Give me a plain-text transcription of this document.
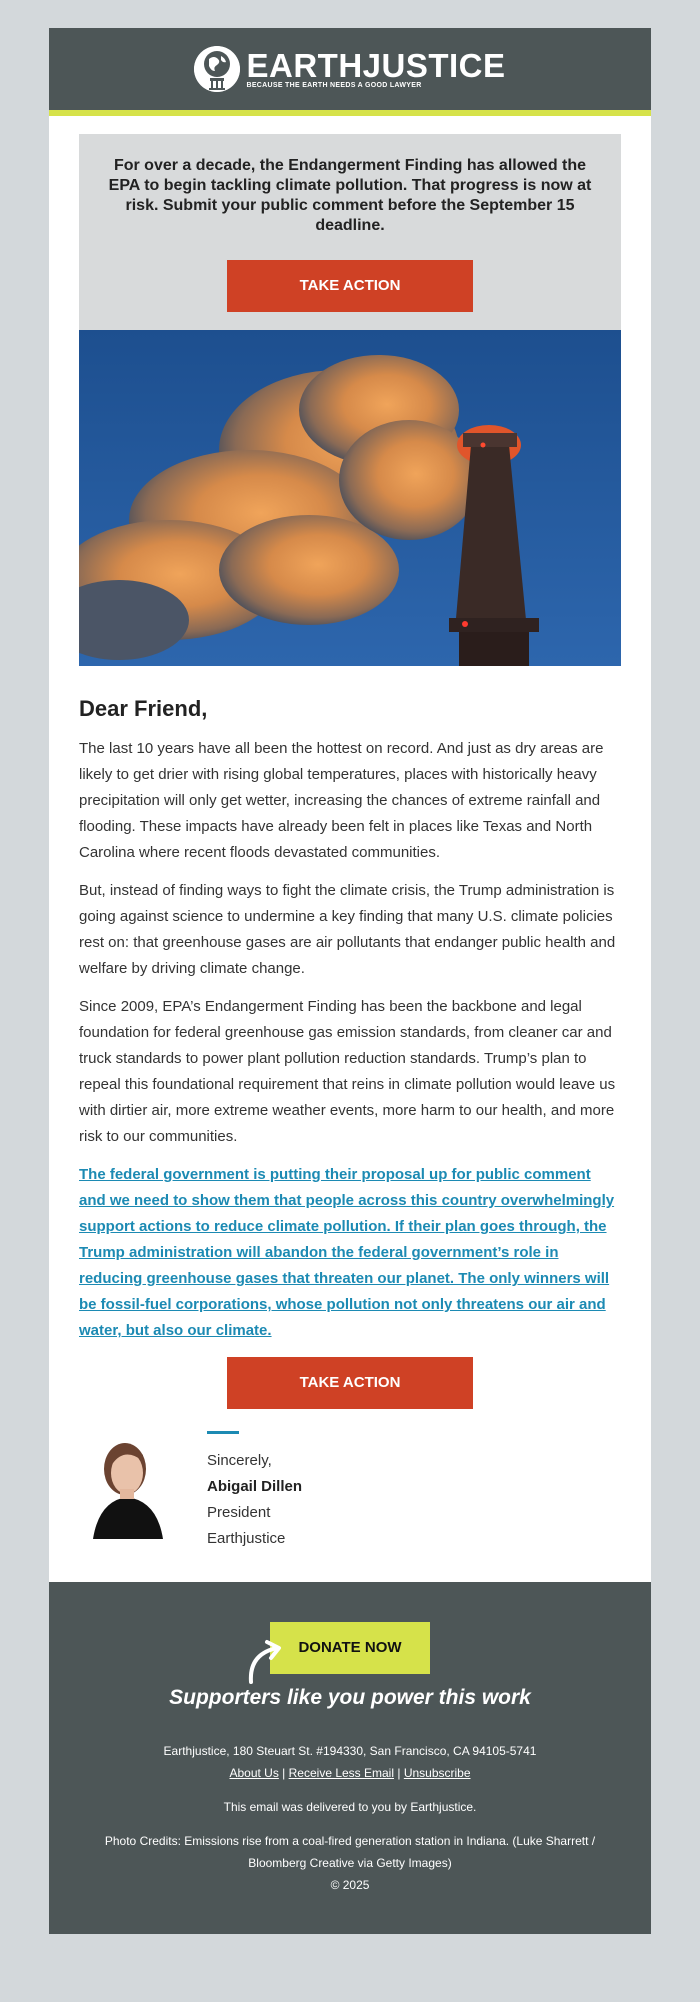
EARTHJUSTICE
BECAUSE THE EARTH NEEDS A GOOD LAWYER

For over a decade, the Endangerment Finding has allowed the EPA to begin tackling climate pollution. That progress is now at risk. Submit your public comment before the September 15 deadline.

TAKE ACTION
Dear Friend,

The last 10 years have all been the hottest on record. And just as dry areas are likely to get drier with rising global temperatures, places with historically heavy precipitation will only get wetter, increasing the chances of extreme rainfall and flooding. These impacts have already been felt in places like Texas and North Carolina where recent floods devastated communities.

But, instead of finding ways to fight the climate crisis, the Trump administration is going against science to undermine a key finding that many U.S. climate policies rest on: that greenhouse gases are air pollutants that endanger public health and welfare by driving climate change.

Since 2009, EPA’s Endangerment Finding has been the backbone and legal foundation for federal greenhouse gas emission standards, from cleaner car and truck standards to power plant pollution reduction standards. Trump’s plan to repeal this foundational requirement that reins in climate pollution would leave us with dirtier air, more extreme weather events, more harm to our health, and more risk to our communities.

The federal government is putting their proposal up for public comment and we need to show them that people across this country overwhelmingly support actions to reduce climate pollution. If their plan goes through, the Trump administration will abandon the federal government’s role in reducing greenhouse gases that threaten our planet. The only winners will be fossil-fuel corporations, whose pollution not only threatens our air and water, but also our climate.
TAKE ACTION
Sincerely,
Abigail Dillen
President
Earthjustice
DONATE NOW
Supporters like you power this work
Earthjustice, 180 Steuart St. #194330, San Francisco, CA 94105-5741
About Us | Receive Less Email | Unsubscribe
This email was delivered to you by Earthjustice.
Photo Credits: Emissions rise from a coal-fired generation station in Indiana. (Luke Sharrett / Bloomberg Creative via Getty Images)
© 2025
